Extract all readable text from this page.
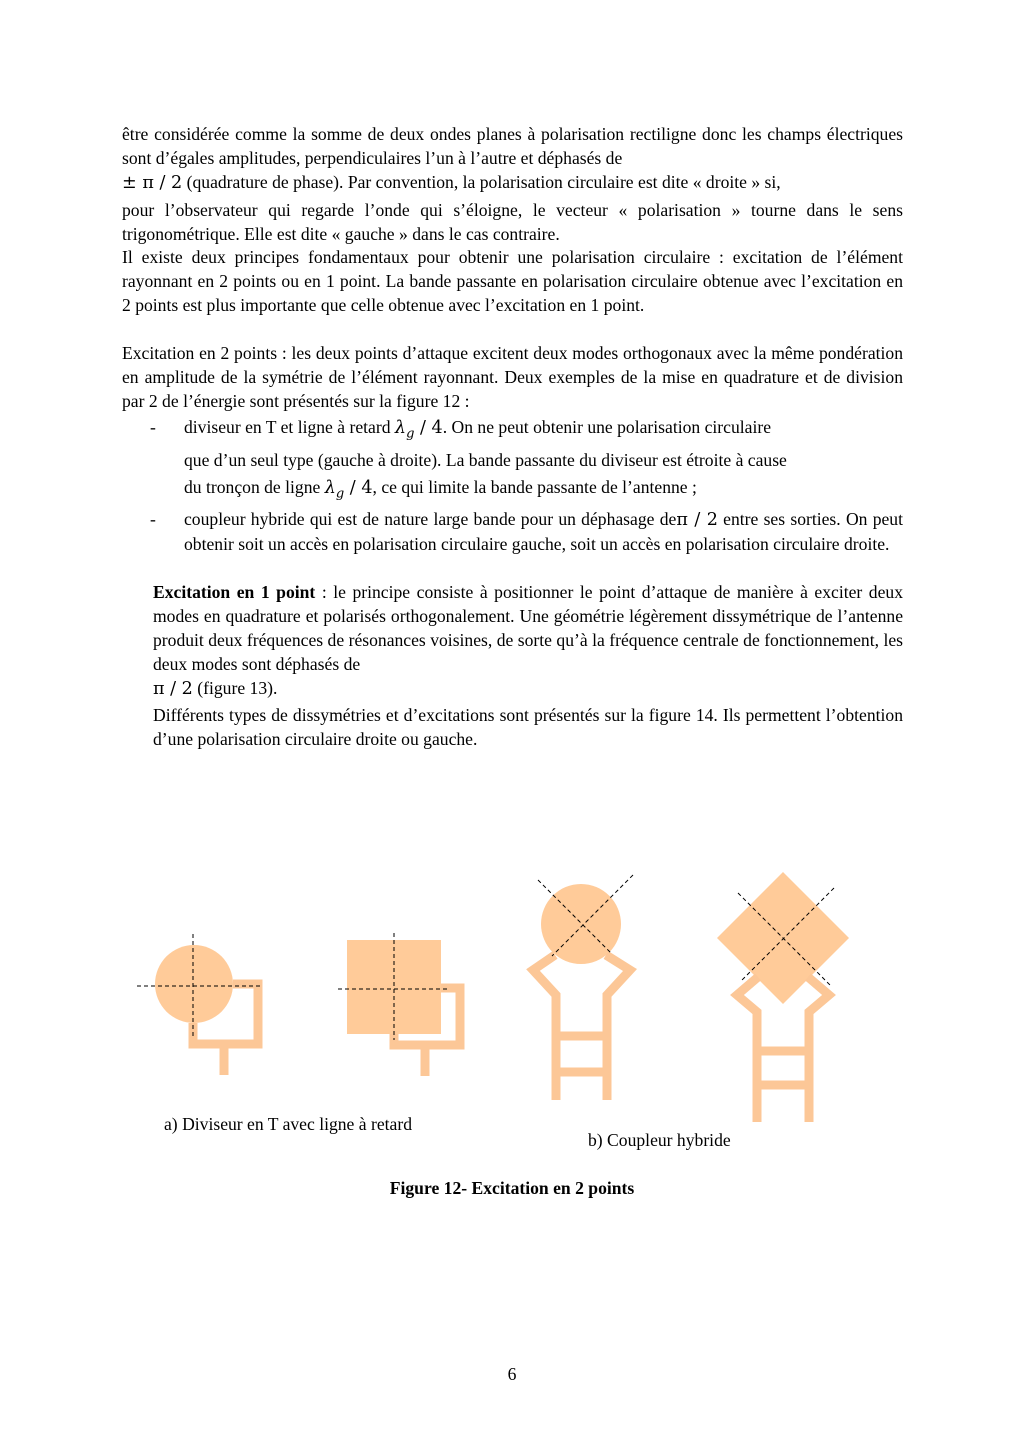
être considérée comme la somme de deux ondes planes à polarisation rectiligne donc les champs électriques sont d’égales amplitudes, perpendiculaires l’un à l’autre et déphasés de
± π / 2 (quadrature de phase). Par convention, la polarisation circulaire est dite « droite » si,

pour l’observateur qui regarde l’onde qui s’éloigne, le vecteur « polarisation » tourne dans le sens trigonométrique. Elle est dite « gauche » dans le cas contraire.

Il existe deux principes fondamentaux pour obtenir une polarisation circulaire : excitation de l’élément rayonnant en 2 points ou en 1 point. La bande passante en polarisation circulaire obtenue avec l’excitation en 2 points est plus importante que celle obtenue avec l’excitation en 1 point.

Excitation en 2 points : les deux points d’attaque excitent deux modes orthogonaux avec la même pondération en amplitude de la symétrie de l’élément rayonnant. Deux exemples de la mise en quadrature et de division par 2 de l’énergie sont présentés sur la figure 12 :

- diviseur en T et ligne à retard $\lambda_g / 4$. On ne peut obtenir une polarisation circulaire
que d’un seul type (gauche à droite). La bande passante du diviseur est étroite à cause
du tronçon de ligne $\lambda_g / 4$, ce qui limite la bande passante de l’antenne ;
- coupleur hybride qui est de nature large bande pour un déphasage deπ / 2 entre ses sorties. On peut obtenir soit un accès en polarisation circulaire gauche, soit un accès en polarisation circulaire droite.

Excitation en 1 point : le principe consiste à positionner le point d’attaque de manière à exciter deux modes en quadrature et polarisés orthogonalement. Une géométrie légèrement dissymétrique de l’antenne produit deux fréquences de résonances voisines, de sorte qu’à la fréquence centrale de fonctionnement, les deux modes sont déphasés de
π / 2 (figure 13).

Différents types de dissymétries et d’excitations sont présentés sur la figure 14. Ils permettent l’obtention d’une polarisation circulaire droite ou gauche.

a) Diviseur en T avec ligne à retard
b) Coupleur hybride
Figure 12- Excitation en 2 points
6
